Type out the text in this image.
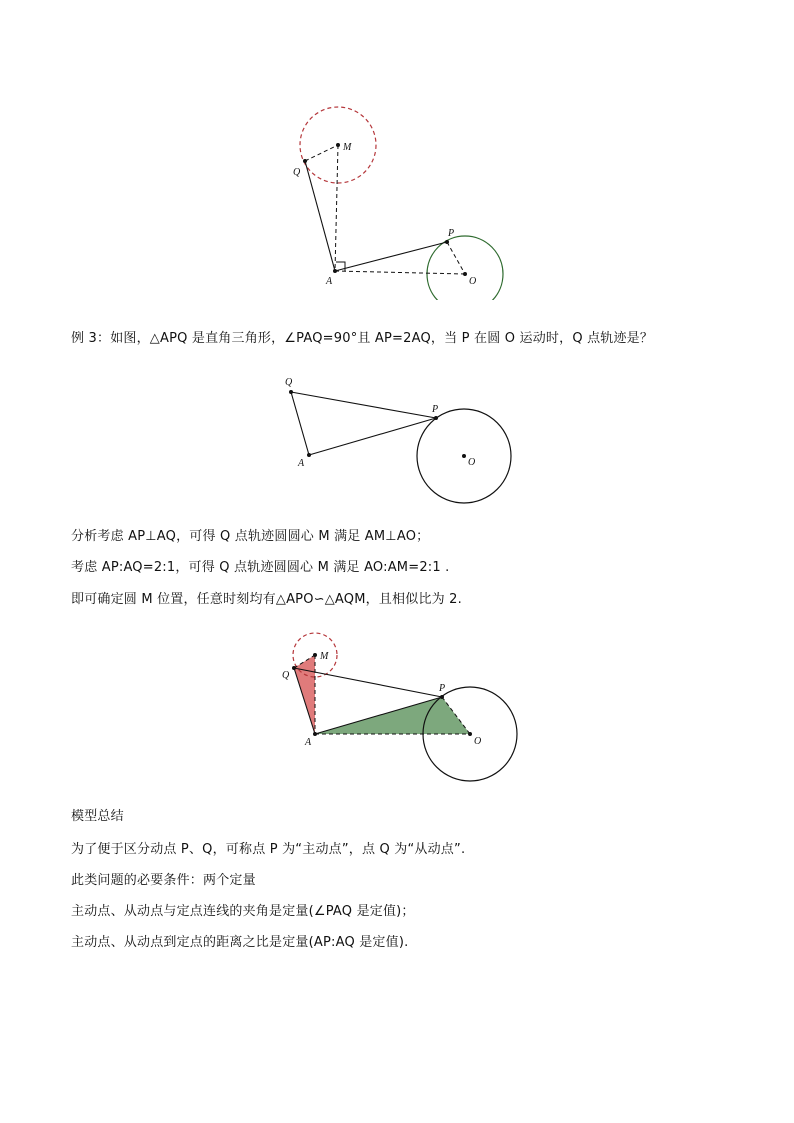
M
Q
A
P
O
例 3：如图，△APQ 是直角三角形，∠PAQ=90°且 AP=2AQ，当 P 在圆 O 运动时，Q 点轨迹是？
Q
A
P
O
分析考虑 AP⊥AQ，可得 Q 点轨迹圆圆心 M 满足 AM⊥AO；
考虑 AP:AQ=2:1，可得 Q 点轨迹圆圆心 M 满足 AO:AM=2:1 .
即可确定圆 M 位置，任意时刻均有△APO∽△AQM，且相似比为 2.
M
Q
A
P
O
模型总结
为了便于区分动点 P、Q，可称点 P 为“主动点”，点 Q 为“从动点”.
此类问题的必要条件：两个定量
主动点、从动点与定点连线的夹角是定量(∠PAQ 是定值)；
主动点、从动点到定点的距离之比是定量(AP:AQ 是定值).
